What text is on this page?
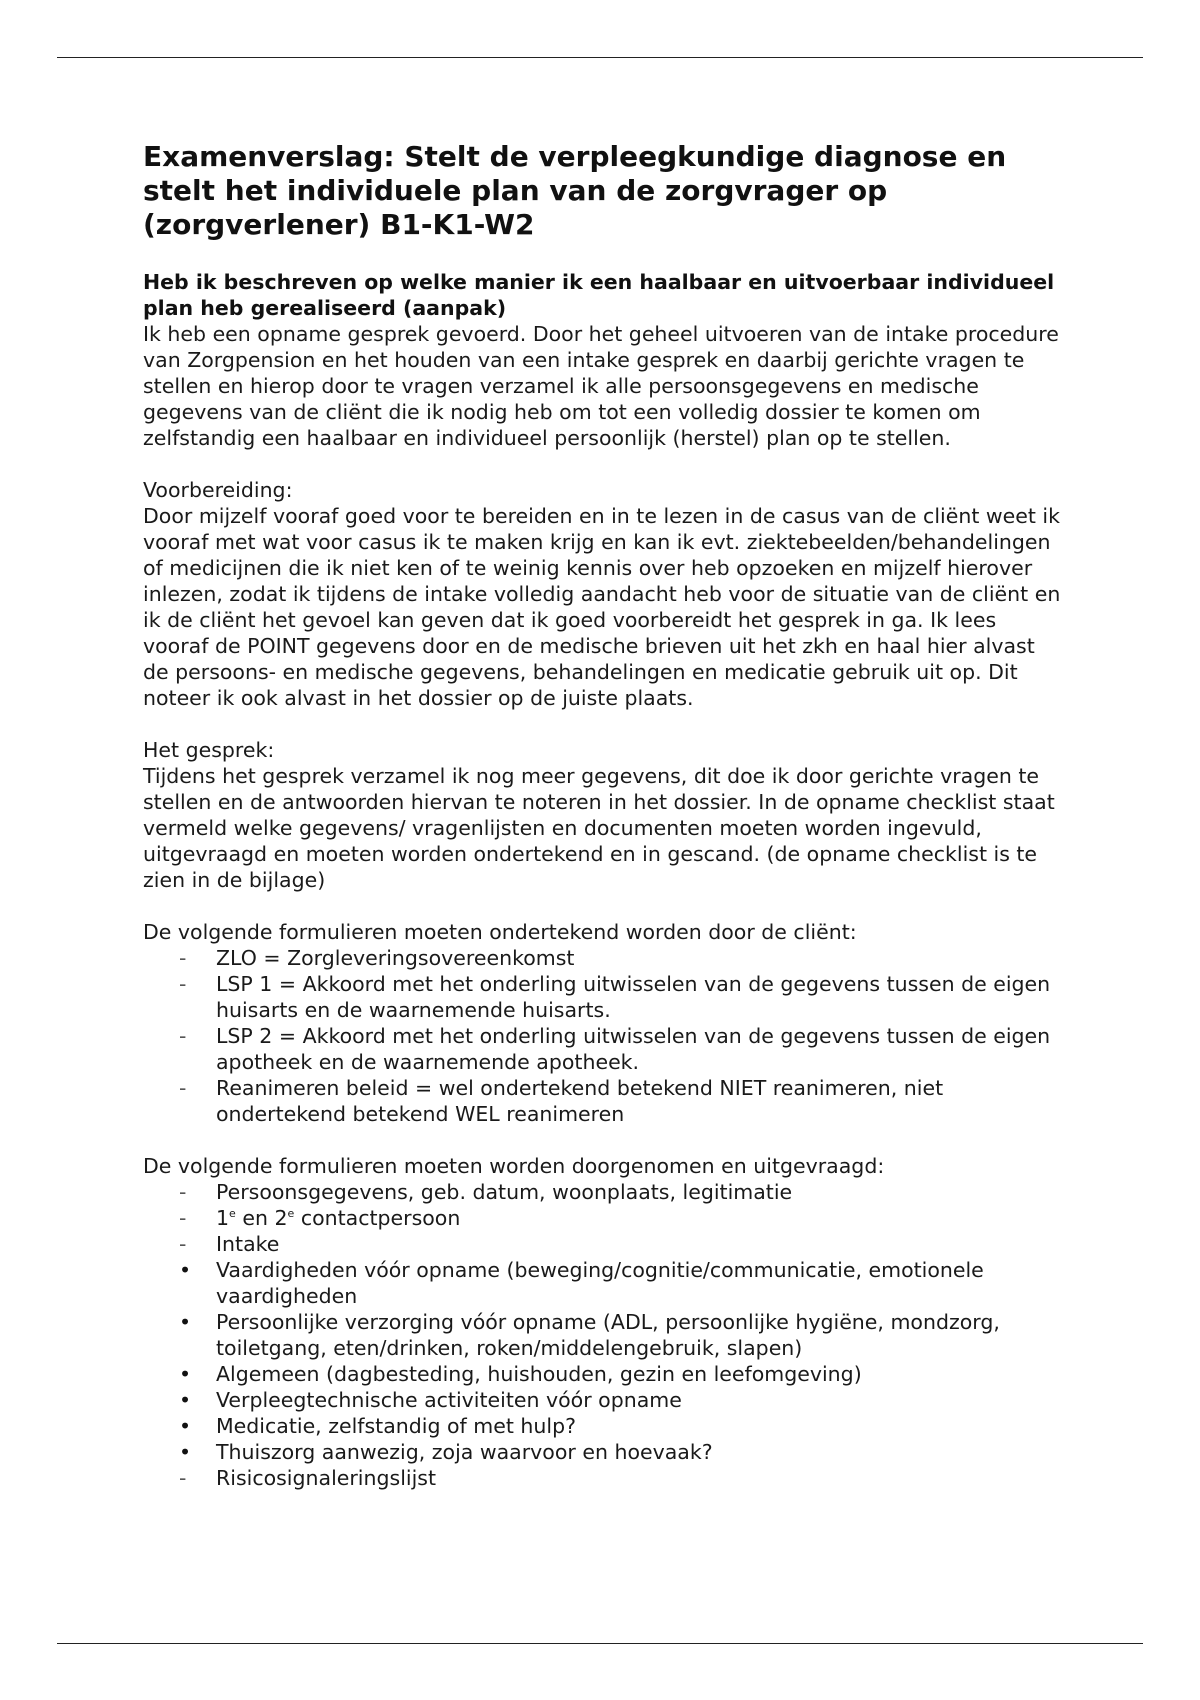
Examenverslag: Stelt de verpleegkundige diagnose en stelt het individuele plan van de zorgvrager op (zorgverlener) B1-K1-W2
Heb ik beschreven op welke manier ik een haalbaar en uitvoerbaar individueel plan heb gerealiseerd (aanpak)

Ik heb een opname gesprek gevoerd. Door het geheel uitvoeren van de intake procedure van Zorgpension en het houden van een intake gesprek en daarbij gerichte vragen te stellen en hierop door te vragen verzamel ik alle persoonsgegevens en medische gegevens van de cliënt die ik nodig heb om tot een volledig dossier te komen om zelfstandig een haalbaar en individueel persoonlijk (herstel) plan op te stellen.

Voorbereiding:

Door mijzelf vooraf goed voor te bereiden en in te lezen in de casus van de cliënt weet ik vooraf met wat voor casus ik te maken krijg en kan ik evt. ziektebeelden/behandelingen of medicijnen die ik niet ken of te weinig kennis over heb opzoeken en mijzelf hierover inlezen, zodat ik tijdens de intake volledig aandacht heb voor de situatie van de cliënt en ik de cliënt het gevoel kan geven dat ik goed voorbereidt het gesprek in ga. Ik lees vooraf de POINT gegevens door en de medische brieven uit het zkh en haal hier alvast de persoons- en medische gegevens, behandelingen en medicatie gebruik uit op. Dit noteer ik ook alvast in het dossier op de juiste plaats.

Het gesprek:

Tijdens het gesprek verzamel ik nog meer gegevens, dit doe ik door gerichte vragen te stellen en de antwoorden hiervan te noteren in het dossier. In de opname checklist staat vermeld welke gegevens/ vragenlijsten en documenten moeten worden ingevuld, uitgevraagd en moeten worden ondertekend en in gescand. (de opname checklist is te zien in de bijlage)

De volgende formulieren moeten ondertekend worden door de cliënt:

-	ZLO = Zorgleveringsovereenkomst
-	LSP 1 = Akkoord met het onderling uitwisselen van de gegevens tussen de eigen huisarts en de waarnemende huisarts.
-	LSP 2 = Akkoord met het onderling uitwisselen van de gegevens tussen de eigen apotheek en de waarnemende apotheek.
-	Reanimeren beleid = wel ondertekend betekend NIET reanimeren, niet ondertekend betekend WEL reanimeren

De volgende formulieren moeten worden doorgenomen en uitgevraagd:

-	Persoonsgegevens, geb. datum, woonplaats, legitimatie
-	1e en 2e contactpersoon
-	Intake
•	Vaardigheden vóór opname (beweging/cognitie/communicatie, emotionele vaardigheden
•	Persoonlijke verzorging vóór opname (ADL, persoonlijke hygiëne, mondzorg, toiletgang, eten/drinken, roken/middelengebruik, slapen)
•	Algemeen (dagbesteding, huishouden, gezin en leefomgeving)
•	Verpleegtechnische activiteiten vóór opname
•	Medicatie, zelfstandig of met hulp?
•	Thuiszorg aanwezig, zoja waarvoor en hoevaak?
-	Risicosignaleringslijst
